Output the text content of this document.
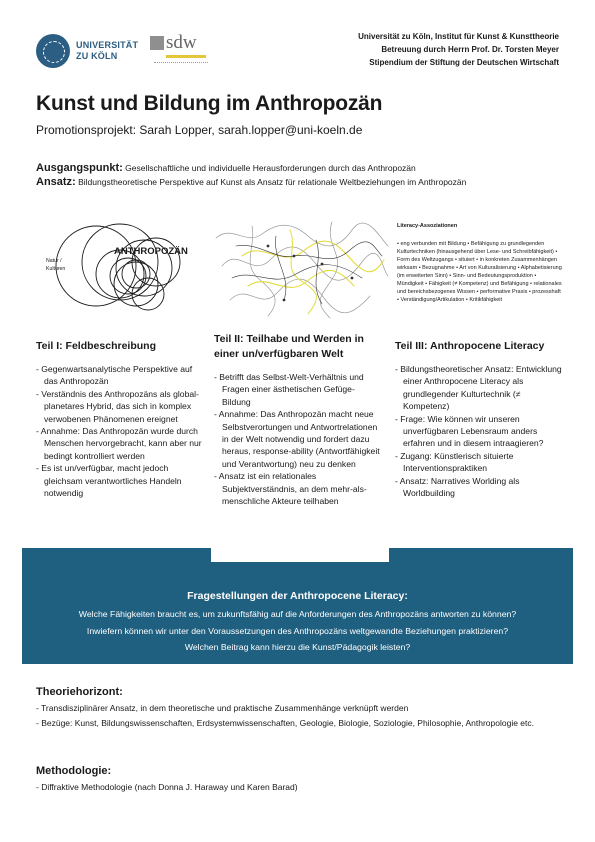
UNIVERSITÄT
ZU KÖLN
sdw	Universität zu Köln, Institut für Kunst & Kunsttheorie
Betreuung durch Herrn Prof. Dr. Torsten Meyer
Stipendium der Stiftung der Deutschen Wirtschaft
Kunst und Bildung im Anthropozän
Promotionsprojekt: Sarah Lopper, sarah.lopper@uni-koeln.de

Ausgangspunkt: Gesellschaftliche und individuelle Herausforderungen durch das Anthropozän

Ansatz: Bildungstheoretische Perspektive auf Kunst als Ansatz für relationale Weltbeziehungen im Anthropozän

ANTHROPOZÄN
Natur /
Kulturen
Literacy-Assoziationen
• eng verbunden mit Bildung • Befähigung zu grundlegenden Kulturtechniken (hinausgehend über Lese- und Schreibfähigkeit) • Form des Weltzugangs • situiert • in konkreten Zusammenhängen wirksam • Bezugnahme • Art von Kulturalisierung • Alphabetisierung (im erweiterten Sinn) • Sinn- und Bedeutungsproduktion • Mündigkeit • Fähigkeit (≠ Kompetenz) und Befähigung • relationales und bereichsbezogenes Wissen • performative Praxis • prozesshaft • Verständigung/Artikulation • Kritikfähigkeit
Teil I: Feldbeschreibung
- Gegenwartsanalytische Perspektive auf das Anthropozän
- Verständnis des Anthropozäns als global-planetares Hybrid, das sich in komplex verwobenen Phänomenen ereignet
- Annahme: Das Anthropozän wurde durch Menschen hervorgebracht, kann aber nur bedingt kontrolliert werden
- Es ist un/verfügbar, macht jedoch gleichsam verantwortliches Handeln notwendig
Teil II: Teilhabe und Werden in einer un/verfügbaren Welt
- Betrifft das Selbst-Welt-Verhältnis und Fragen einer ästhetischen Gefüge-Bildung
- Annahme: Das Anthropozän macht neue Selbstverortungen und Antwortrelationen in der Welt notwendig und fordert dazu heraus, response-ability (Antwortfähigkeit und Verantwortung) neu zu denken
- Ansatz ist ein relationales Subjektverständnis, an dem mehr-als-menschliche Akteure teilhaben
Teil III: Anthropocene Literacy
- Bildungstheoretischer Ansatz: Entwicklung einer Anthropocene Literacy als grundlegender Kulturtechnik (≠ Kompetenz)
- Frage: Wie können wir unseren unverfügbaren Lebensraum anders erfahren und in diesem intraagieren?
- Zugang: Künstlerisch situierte Interventionspraktiken
- Ansatz: Narratives Worlding als Worldbuilding
Fragestellungen der Anthropocene Literacy:
Welche Fähigkeiten braucht es, um zukunftsfähig auf die Anforderungen des Anthropozäns antworten zu können?
Inwiefern können wir unter den Voraussetzungen des Anthropozäns weltgewandte Beziehungen praktizieren?
Welchen Beitrag kann hierzu die Kunst/Pädagogik leisten?
Theoriehorizont:
- Transdisziplinärer Ansatz, in dem theoretische und praktische Zusammenhänge verknüpft werden
- Bezüge: Kunst, Bildungswissenschaften, Erdsystemwissenschaften, Geologie, Biologie, Soziologie, Philosophie, Anthropologie etc.
Methodologie:
- Diffraktive Methodologie (nach Donna J. Haraway und Karen Barad)
